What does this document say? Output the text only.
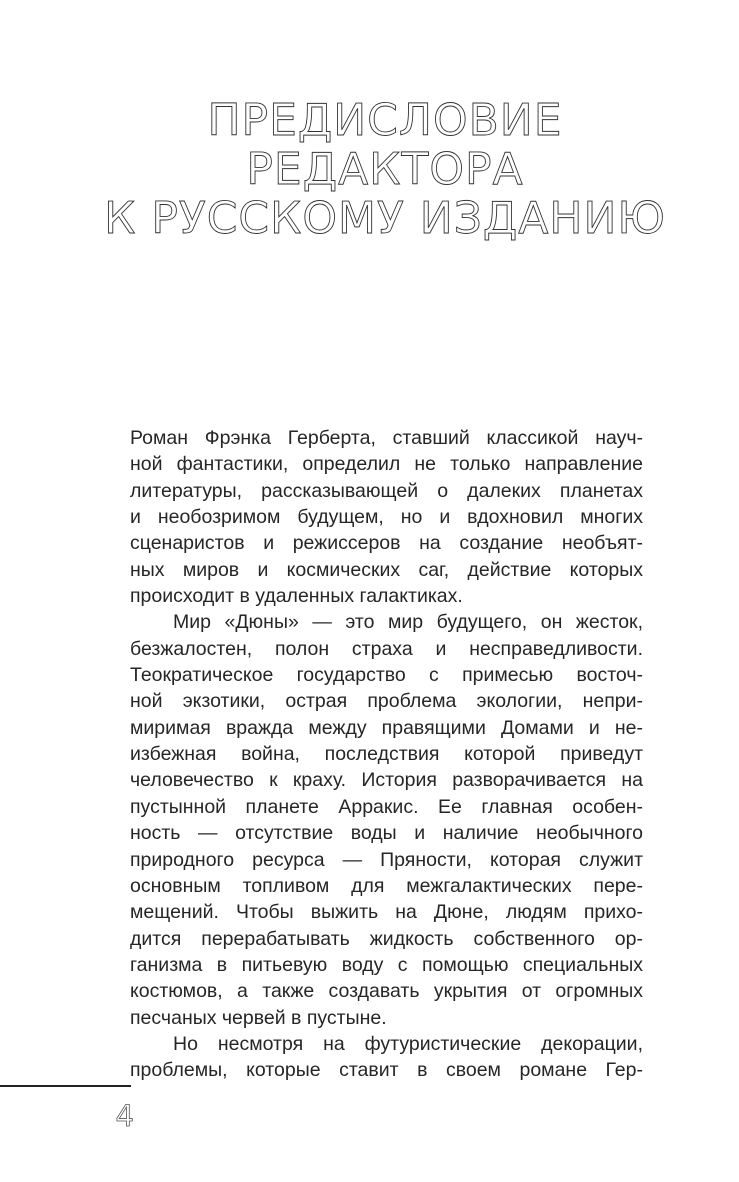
ПРЕДИСЛОВИЕ
РЕДАКТОРА
К РУССКОМУ ИЗДАНИЮ
Роман Фрэнка Герберта, ставший классикой науч-
ной фантастики, определил не только направление
литературы, рассказывающей о далеких планетах
и необозримом будущем, но и вдохновил многих
сценаристов и режиссеров на создание необъят-
ных миров и космических саг, действие которых
происходит в удаленных галактиках.
Мир «Дюны» — это мир будущего, он жесток,
безжалостен, полон страха и несправедливости.
Теократическое государство с примесью восточ-
ной экзотики, острая проблема экологии, непри-
миримая вражда между правящими Домами и не-
избежная война, последствия которой приведут
человечество к краху. История разворачивается на
пустынной планете Арракис. Ее главная особен-
ность — отсутствие воды и наличие необычного
природного ресурса — Пряности, которая служит
основным топливом для межгалактических пере-
мещений. Чтобы выжить на Дюне, людям прихо-
дится перерабатывать жидкость собственного ор-
ганизма в питьевую воду с помощью специальных
костюмов, а также создавать укрытия от огромных
песчаных червей в пустыне.
Но несмотря на футуристические декорации,
проблемы, которые ставит в своем романе Гер-
4
